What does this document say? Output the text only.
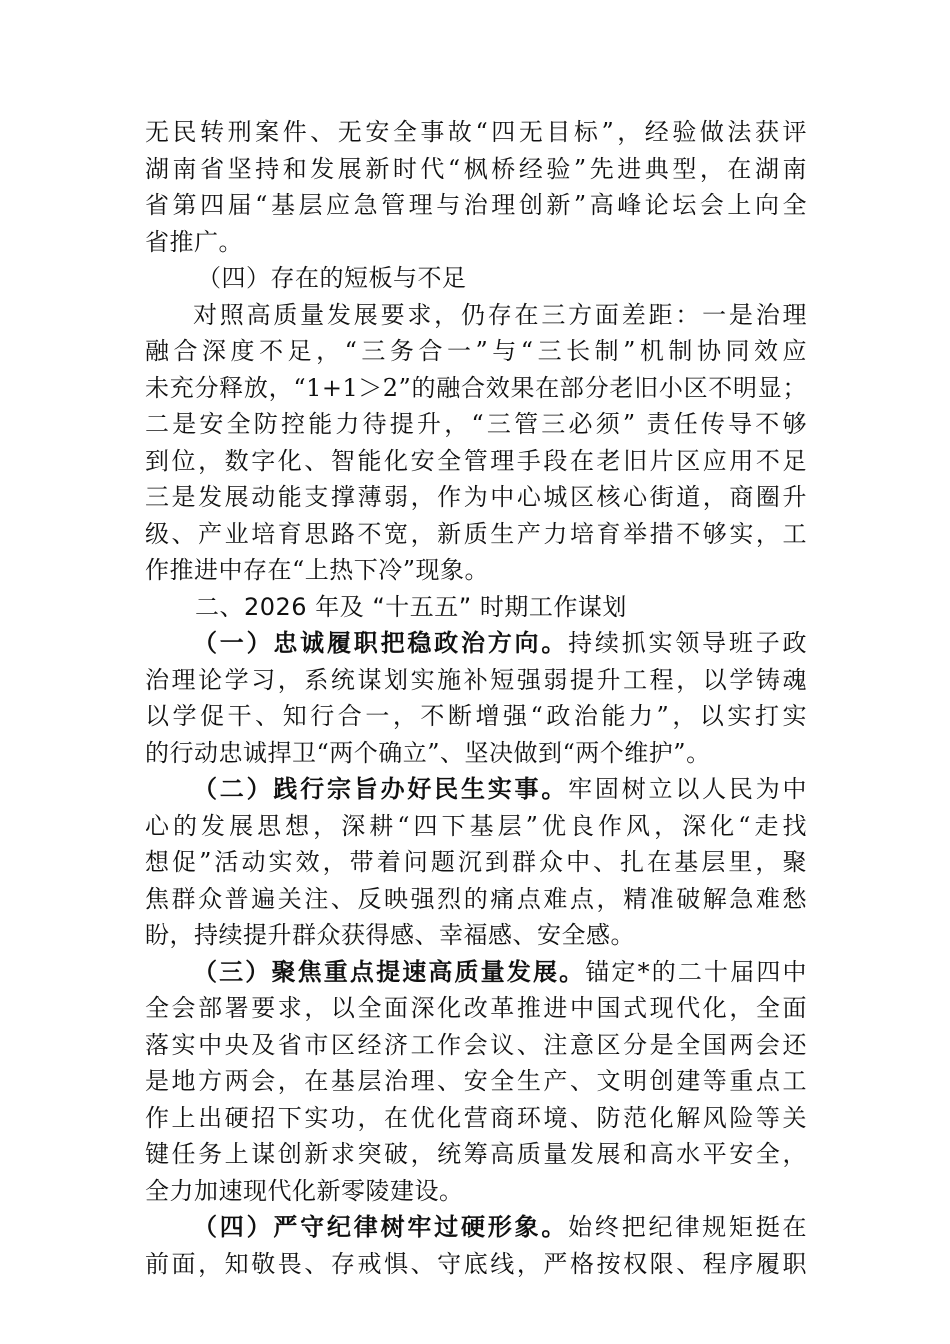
无民转刑案件、无安全事故“四无目标”，经验做法获评
湖南省坚持和发展新时代“枫桥经验”先进典型，在湖南
省第四届“基层应急管理与治理创新”高峰论坛会上向全
省推广。
（四）存在的短板与不足
对照高质量发展要求，仍存在三方面差距：一是治理
融合深度不足，“三务合一”与“三长制”机制协同效应
未充分释放，“1+1＞2”的融合效果在部分老旧小区不明显；
二是安全防控能力待提升，“三管三必须” 责任传导不够
到位，数字化、智能化安全管理手段在老旧片区应用不足
三是发展动能支撑薄弱，作为中心城区核心街道，商圈升
级、产业培育思路不宽，新质生产力培育举措不够实，工
作推进中存在“上热下冷”现象。
二、2026 年及 “十五五” 时期工作谋划
（一）忠诚履职把稳政治方向。持续抓实领导班子政
治理论学习，系统谋划实施补短强弱提升工程，以学铸魂
以学促干、知行合一，不断增强“政治能力”，以实打实
的行动忠诚捍卫“两个确立”、坚决做到“两个维护”。
（二）践行宗旨办好民生实事。牢固树立以人民为中
心的发展思想，深耕“四下基层”优良作风，深化“走找
想促”活动实效，带着问题沉到群众中、扎在基层里，聚
焦群众普遍关注、反映强烈的痛点难点，精准破解急难愁
盼，持续提升群众获得感、幸福感、安全感。
（三）聚焦重点提速高质量发展。锚定*的二十届四中
全会部署要求，以全面深化改革推进中国式现代化，全面
落实中央及省市区经济工作会议、注意区分是全国两会还
是地方两会，在基层治理、安全生产、文明创建等重点工
作上出硬招下实功，在优化营商环境、防范化解风险等关
键任务上谋创新求突破，统筹高质量发展和高水平安全，
全力加速现代化新零陵建设。
（四）严守纪律树牢过硬形象。始终把纪律规矩挺在
前面，知敬畏、存戒惧、守底线，严格按权限、程序履职
